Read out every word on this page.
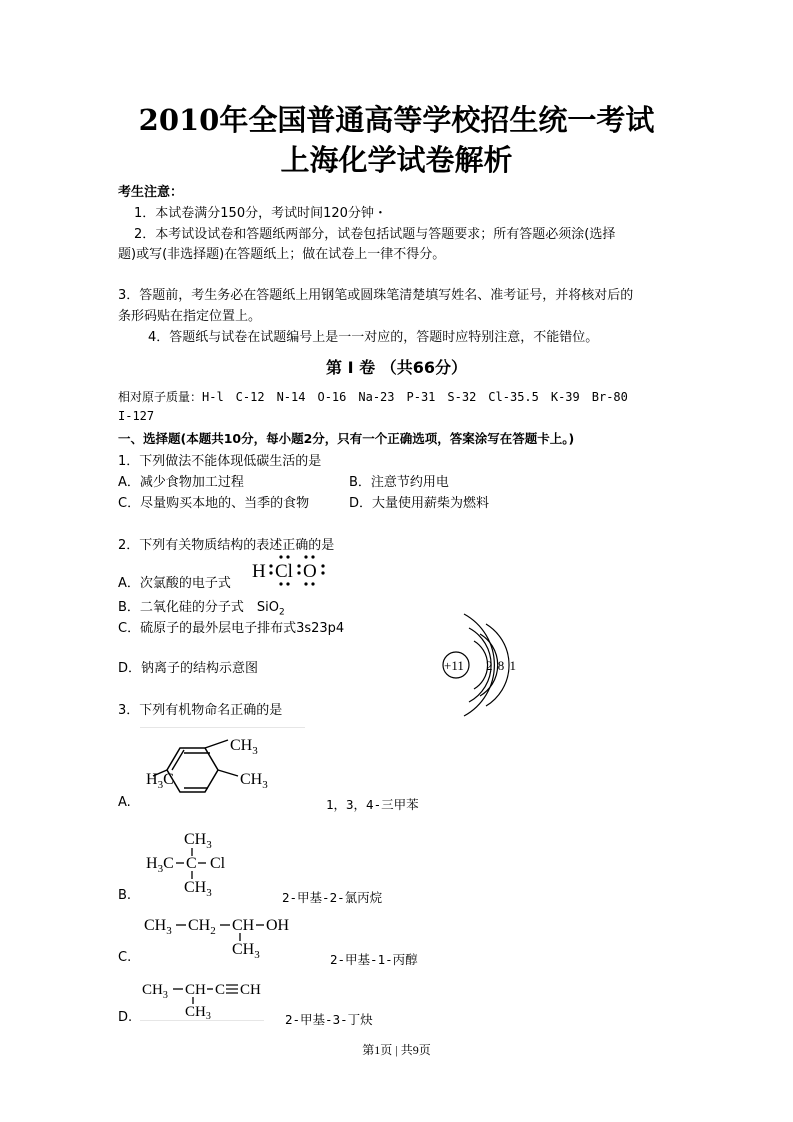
2010年全国普通高等学校招生统一考试
上海化学试卷解析
考生注意：
1．本试卷满分150分，考试时间120分钟・
2．本考试设试卷和答题纸两部分，试卷包括试题与答题要求；所有答题必须涂(选择
题)或写(非选择题)在答题纸上；做在试卷上一律不得分。
3．答题前，考生务必在答题纸上用钢笔或圆珠笔清楚填写姓名、准考证号，并将核对后的
条形码贴在指定位置上。
4．答题纸与试卷在试题编号上是一一对应的，答题时应特别注意，不能错位。
第 I 卷 （共66分）
相对原子质量：H-l　C-12　N-14　O-16　Na-23　P-31　S-32　Cl-35.5　K-39　Br-80
I-127
一、选择题(本题共10分，每小题2分，只有一个正确选项，答案涂写在答题卡上。)
1．下列做法不能体现低碳生活的是
A．减少食物加工过程	B．注意节约用电
C．尽量购买本地的、当季的食物	D．大量使用薪柴为燃料
2．下列有关物质结构的表述正确的是
A．次氯酸的电子式
H Cl O
B．二氧化硅的分子式　SiO$_2$
C．硫原子的最外层电子排布式3s23p4
D．钠离子的结构示意图	+11 2 8 1
3．下列有机物命名正确的是
$CH_3$
$H_3C$	$CH_3$
A.	1，3，4-三甲苯
$CH_3$
$H_3C$ C Cl
$CH_3$
B.	2-甲基-2-氯丙烷
$CH_3$ $CH_2$ CH OH
$CH_3$
C.	2-甲基-1-丙醇
$CH_3$ CH C CH
$CH_3$
D.	2-甲基-3-丁炔
第1页 | 共9页
